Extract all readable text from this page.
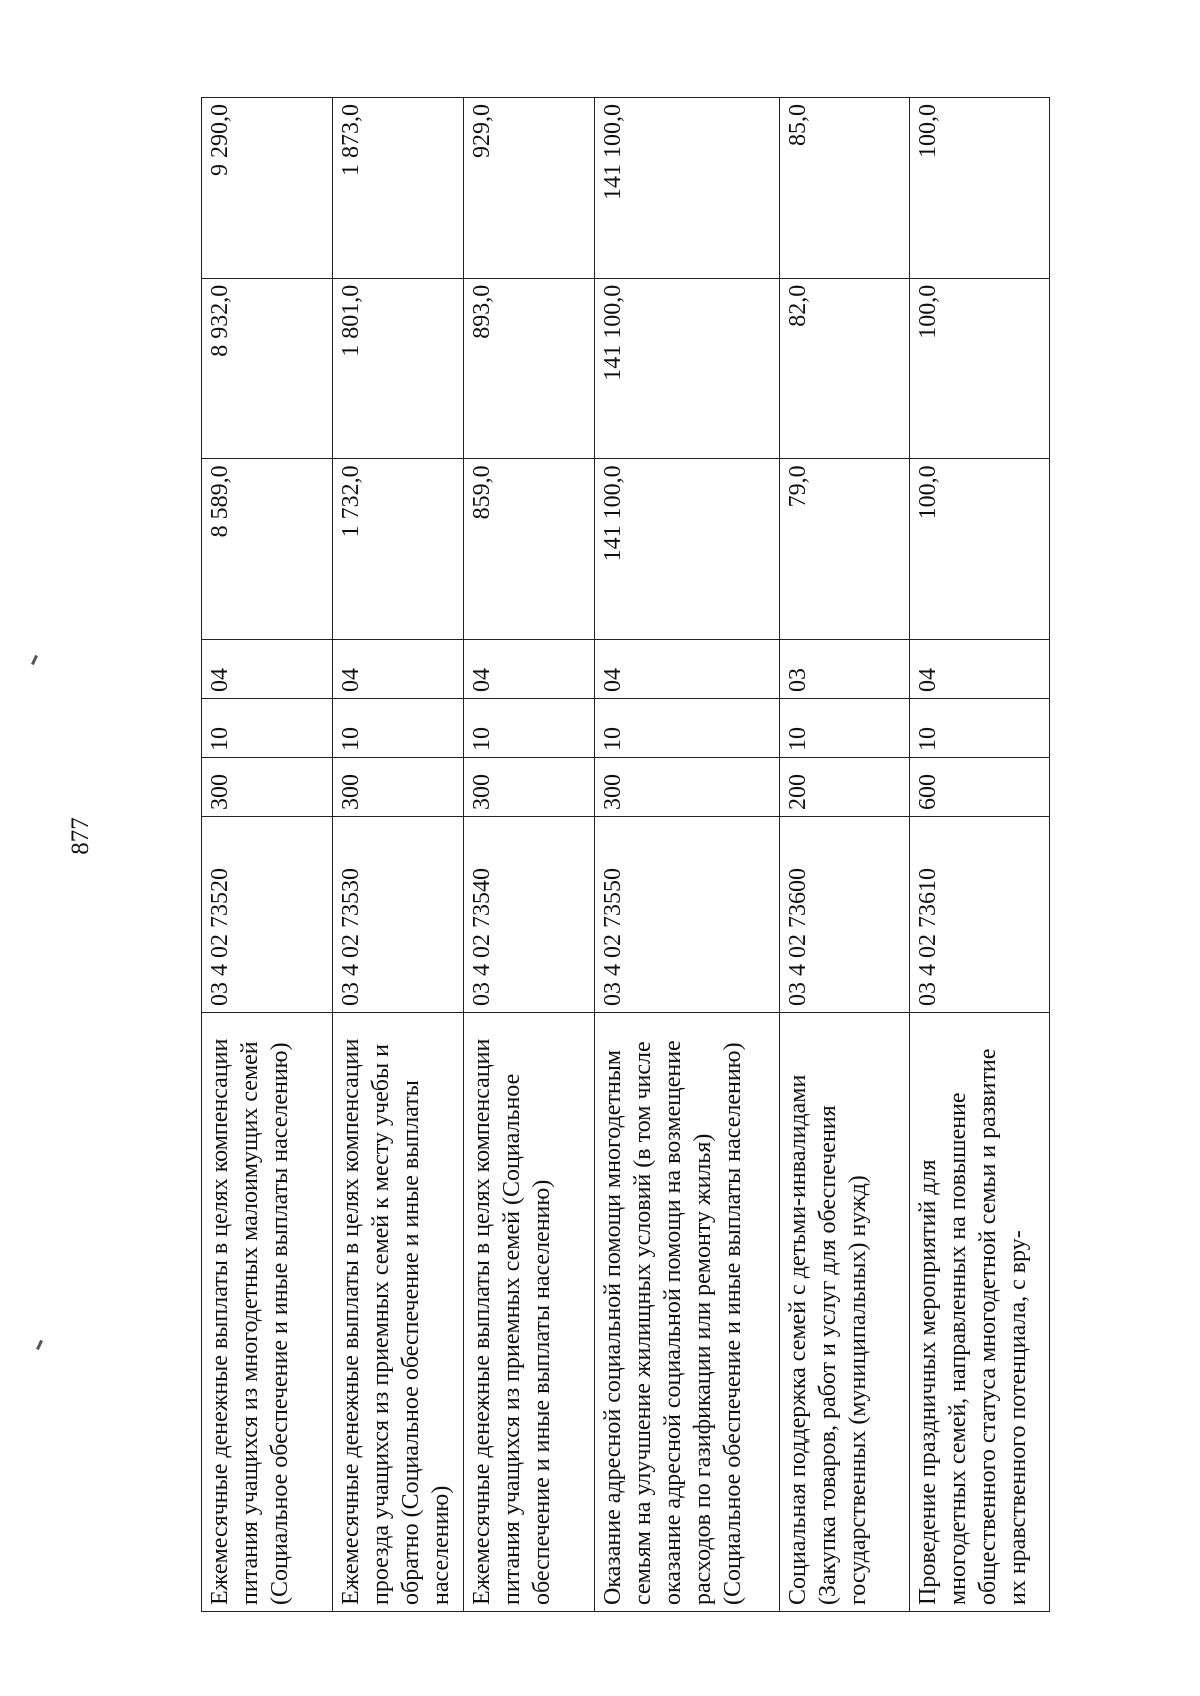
877
Ежемесячные денежные выплаты в целях компенсации питания учащихся из многодетных малоимущих семей (Социальное обеспечение и иные выплаты населению)	03 4 02 73520	300	10	04	8 589,0	8 932,0	9 290,0
Ежемесячные денежные выплаты в целях компенсации проезда учащихся из приемных семей к месту учебы и обратно (Социальное обеспечение и иные выплаты населению)	03 4 02 73530	300	10	04	1 732,0	1 801,0	1 873,0
Ежемесячные денежные выплаты в целях компенсации питания учащихся из приемных семей (Социальное обеспечение и иные выплаты населению)	03 4 02 73540	300	10	04	859,0	893,0	929,0
Оказание адресной социальной помощи многодетным семьям на улучшение жилищных условий (в том числе оказание адресной социальной помощи на возмещение расходов по газификации или ремонту жилья) (Социальное обеспечение и иные выплаты населению)	03 4 02 73550	300	10	04	141 100,0	141 100,0	141 100,0
Социальная поддержка семей с детьми-инвалидами (Закупка товаров, работ и услуг для обеспечения государственных (муниципальных) нужд)	03 4 02 73600	200	10	03	79,0	82,0	85,0
Проведение праздничных мероприятий для многодетных семей, направленных на повышение общественного статуса многодетной семьи и развитие их нравственного потенциала, с вру-	03 4 02 73610	600	10	04	100,0	100,0	100,0
